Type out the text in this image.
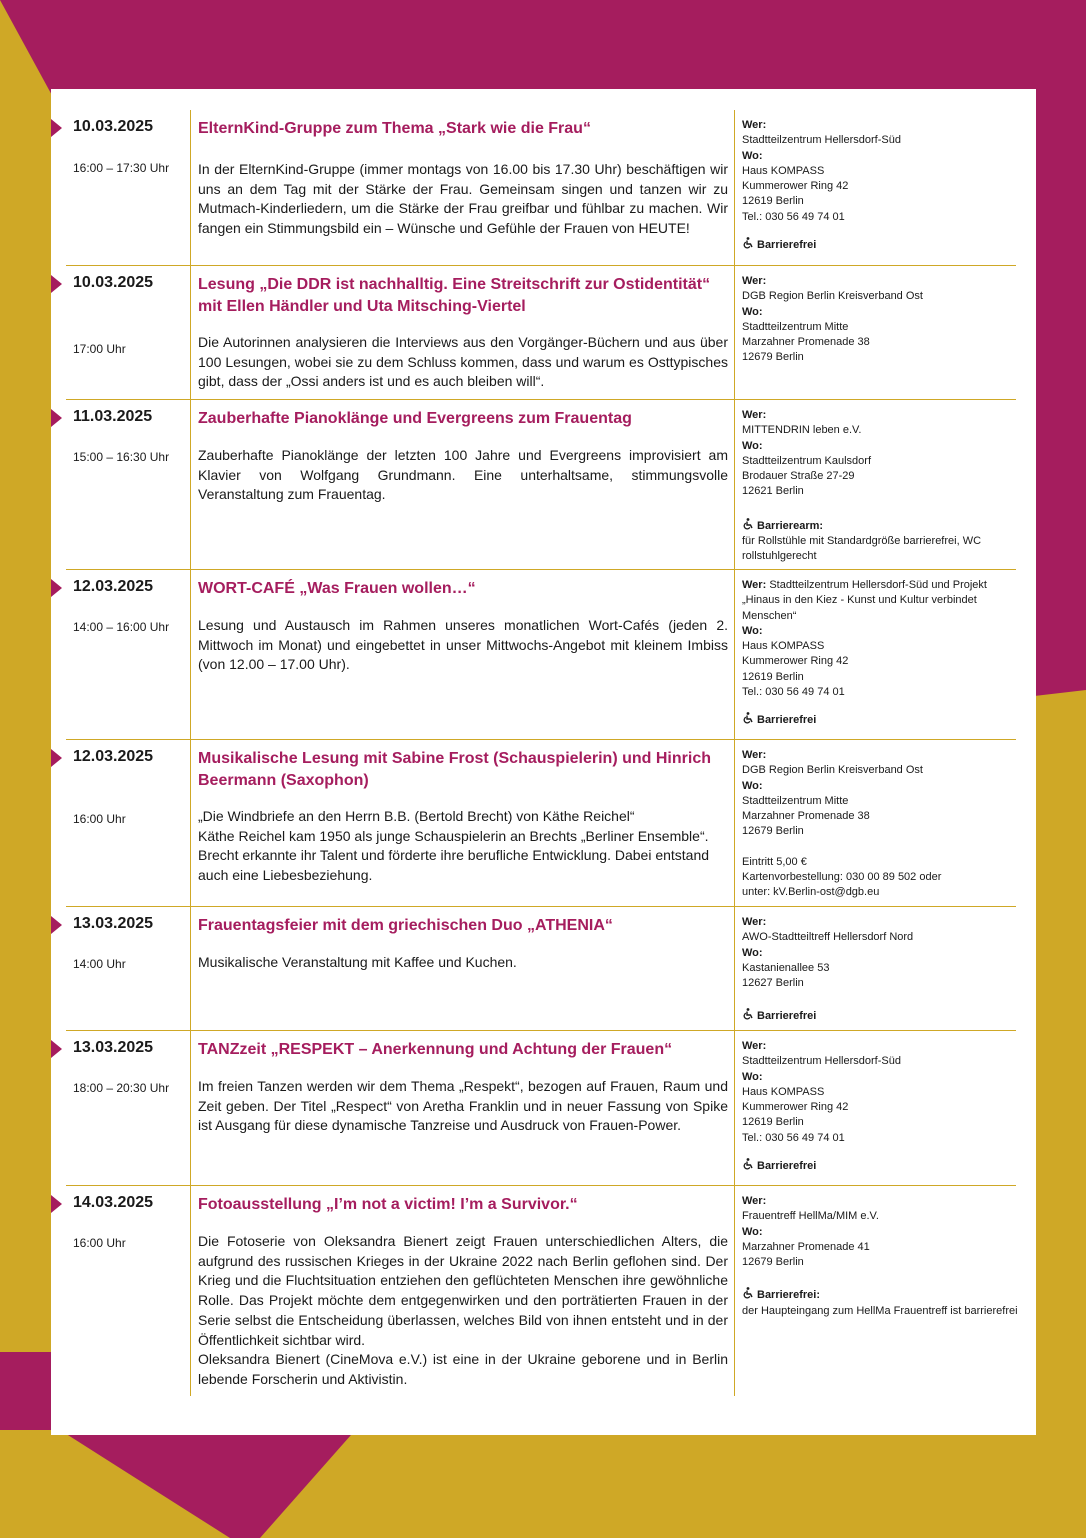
10.03.2025
16:00 – 17:30 Uhr
ElternKind-Gruppe zum Thema „Stark wie die Frau“
In der ElternKind-Gruppe (immer montags von 16.00 bis 17.30 Uhr) beschäftigen wir uns an dem Tag mit der Stärke der Frau. Gemeinsam singen und tanzen wir zu Mutmach-Kinderliedern, um die Stärke der Frau greifbar und fühlbar zu machen. Wir fangen ein Stimmungsbild ein – Wünsche und Gefühle der Frauen von HEUTE!

Wer:

Stadtteilzentrum Hellersdorf-Süd

Wo:

Haus KOMPASS

Kummerower Ring 42

12619 Berlin

Tel.: 030 56 49 74 01

Barrierefrei

10.03.2025
17:00 Uhr
Lesung „Die DDR ist nachhalltig. Eine Streitschrift zur Ostidentität“ mit Ellen Händler und Uta Mitsching-Viertel
Die Autorinnen analysieren die Interviews aus den Vorgänger-Büchern und aus über 100 Lesungen, wobei sie zu dem Schluss kommen, dass und warum es Osttypisches gibt, dass der „Ossi anders ist und es auch bleiben will“.

Wer:

DGB Region Berlin Kreisverband Ost

Wo:

Stadtteilzentrum Mitte

Marzahner Promenade 38

12679 Berlin

11.03.2025
15:00 – 16:30 Uhr
Zauberhafte Pianoklänge und Evergreens zum Frauentag
Zauberhafte Pianoklänge der letzten 100 Jahre und Evergreens improvisiert am Klavier von Wolfgang Grundmann. Eine unterhaltsame, stimmungsvolle Veranstaltung zum Frauentag.

Wer:

MITTENDRIN leben e.V.

Wo:

Stadtteilzentrum Kaulsdorf

Brodauer Straße 27-29

12621 Berlin

Barrierearm:

für Rollstühle mit Standardgröße barrierefrei, WC rollstuhlgerecht

12.03.2025
14:00 – 16:00 Uhr
WORT-CAFÉ „Was Frauen wollen…“
Lesung und Austausch im Rahmen unseres monatlichen Wort-Cafés (jeden 2. Mittwoch im Monat) und eingebettet in unser Mittwochs-Angebot mit kleinem Imbiss (von 12.00 – 17.00 Uhr).

Wer: Stadtteilzentrum Hellersdorf-Süd und Projekt „Hinaus in den Kiez - Kunst und Kultur verbindet Menschen“

Wo:

Haus KOMPASS

Kummerower Ring 42

12619 Berlin

Tel.: 030 56 49 74 01

Barrierefrei

12.03.2025
16:00 Uhr
Musikalische Lesung mit Sabine Frost (Schauspielerin) und Hinrich Beermann (Saxophon)
„Die Windbriefe an den Herrn B.B. (Bertold Brecht) von Käthe Reichel“
Käthe Reichel kam 1950 als junge Schauspielerin an Brechts „Berliner Ensemble“. Brecht erkannte ihr Talent und förderte ihre berufliche Entwicklung. Dabei entstand auch eine Liebesbeziehung.

Wer:

DGB Region Berlin Kreisverband Ost

Wo:

Stadtteilzentrum Mitte

Marzahner Promenade 38

12679 Berlin

Eintritt 5,00 €

Kartenvorbestellung: 030 00 89 502 oder

unter: kV.Berlin-ost@dgb.eu

13.03.2025
14:00 Uhr
Frauentagsfeier mit dem griechischen Duo „ATHENIA“
Musikalische Veranstaltung mit Kaffee und Kuchen.

Wer:

AWO-Stadtteiltreff Hellersdorf Nord

Wo:

Kastanienallee 53

12627 Berlin

Barrierefrei

13.03.2025
18:00 – 20:30 Uhr
TANZzeit „RESPEKT – Anerkennung und Achtung der Frauen“
Im freien Tanzen werden wir dem Thema „Respekt“, bezogen auf Frauen, Raum und Zeit geben. Der Titel „Respect“ von Aretha Franklin und in neuer Fassung von Spike ist Ausgang für diese dynamische Tanzreise und Ausdruck von Frauen-Power.

Wer:

Stadtteilzentrum Hellersdorf-Süd

Wo:

Haus KOMPASS

Kummerower Ring 42

12619 Berlin

Tel.: 030 56 49 74 01

Barrierefrei

14.03.2025
16:00 Uhr
Fotoausstellung „I’m not a victim! I’m a Survivor.“
Die Fotoserie von Oleksandra Bienert zeigt Frauen unterschiedlichen Alters, die aufgrund des russischen Krieges in der Ukraine 2022 nach Berlin geflohen sind. Der Krieg und die Fluchtsituation entziehen den geflüchteten Menschen ihre gewöhnliche Rolle. Das Projekt möchte dem entgegenwirken und den porträtierten Frauen in der Serie selbst die Entscheidung überlassen, welches Bild von ihnen entsteht und in der Öffentlichkeit sichtbar wird.
Oleksandra Bienert (CineMova e.V.) ist eine in der Ukraine geborene und in Berlin lebende Forscherin und Aktivistin.

Wer:

Frauentreff HellMa/MIM e.V.

Wo:

Marzahner Promenade 41

12679 Berlin

Barrierefrei:

der Haupteingang zum HellMa Frauentreff ist barrierefrei
